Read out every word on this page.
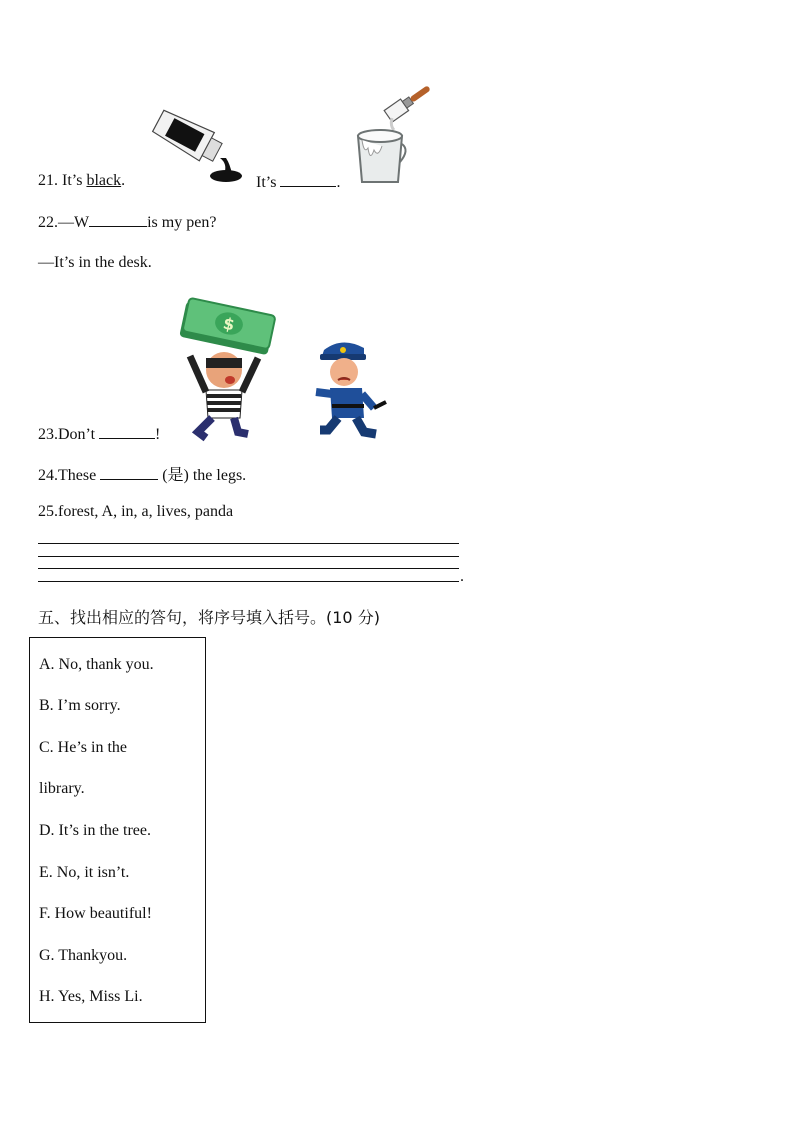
21. It’s black.	It’s	.
22.—W	is my pen?
—It’s in the desk.
$
23.Don’t	!
24.These	(是) the legs.
25.forest, A, in, a, lives, panda
.
五、找出相应的答句，将序号填入括号。(10 分)
A. No, thank you.
B. I’m sorry.
C. He’s in the
library.
D. It’s in the tree.
E. No, it isn’t.
F. How beautiful!
G. Thankyou.
H. Yes, Miss Li.
